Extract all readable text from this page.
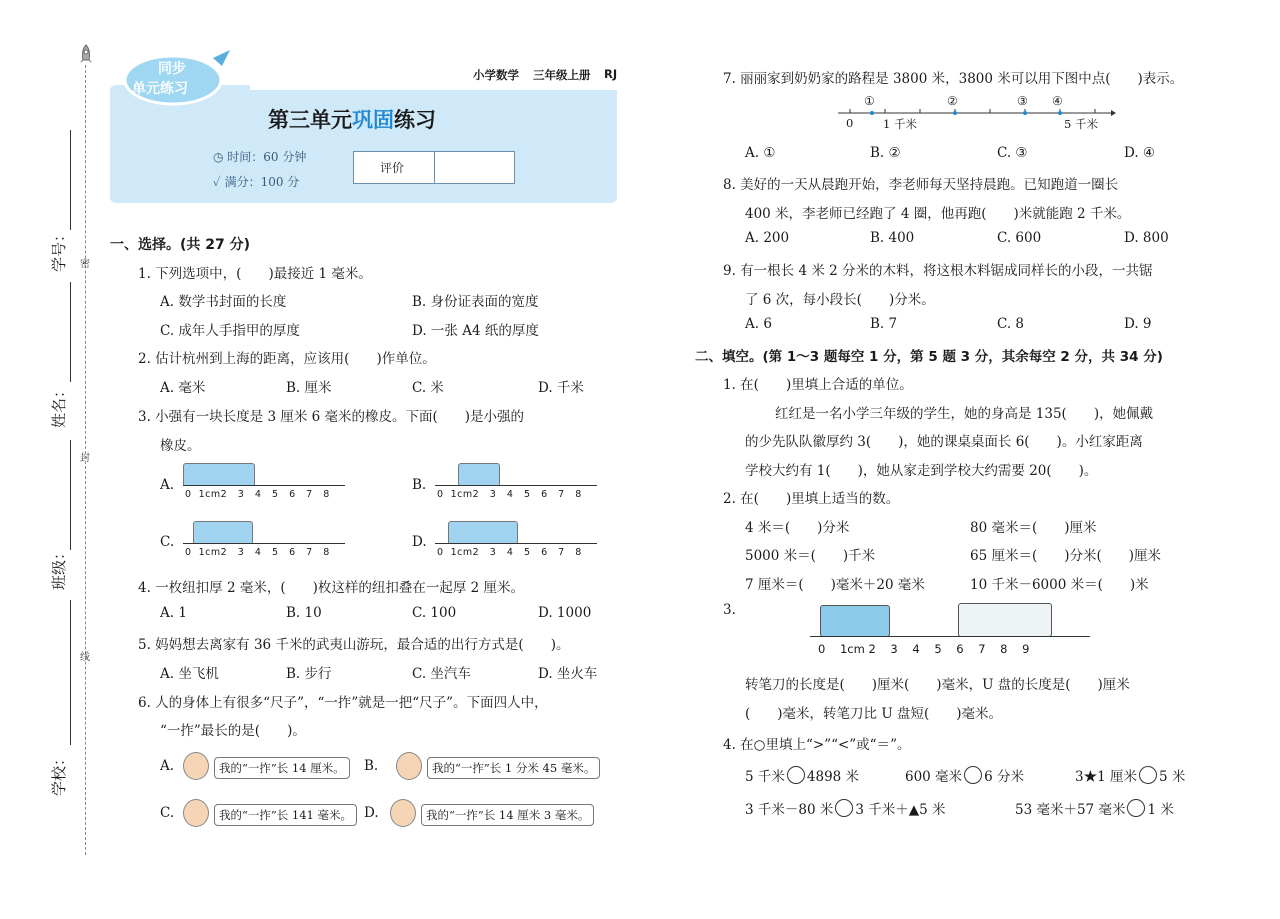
学号：
姓名：
班级：
学校：
密
封
线
同步
单元练习
小学数学 三年级上册 RJ
第三单元巩固练习
◷ 时间：60 分钟
✓ 满分：100 分
评价
一、选择。(共 27 分)
1. 下列选项中，(　　)最接近 1 毫米。
A. 数学书封面的长度	B. 身份证表面的宽度
C. 成年人手指甲的厚度	D. 一张 A4 纸的厚度
2. 估计杭州到上海的距离，应该用(　　)作单位。
A. 毫米	B. 厘米	C. 米	D. 千米
3. 小强有一块长度是 3 厘米 6 毫米的橡皮。下面(　　)是小强的
橡皮。
A.
0 1cm2 3 4 5 6 7 8
B.
0 1cm2 3 4 5 6 7 8
C.
0 1cm2 3 4 5 6 7 8
D.
0 1cm2 3 4 5 6 7 8
4. 一枚纽扣厚 2 毫米，(　　)枚这样的纽扣叠在一起厚 2 厘米。
A. 1	B. 10	C. 100	D. 1000
5. 妈妈想去离家有 36 千米的武夷山游玩，最合适的出行方式是(　　)。
A. 坐飞机	B. 步行	C. 坐汽车	D. 坐火车
6. 人的身体上有很多“尺子”，“一拃”就是一把“尺子”。下面四人中，
“一拃”最长的是(　　)。
A.	我的“一拃”长 14 厘米。	B.	我的“一拃”长 1 分米 45 毫米。
C.	我的“一拃”长 141 毫米。 D.	我的“一拃”长 14 厘米 3 毫米。
7. 丽丽家到奶奶家的路程是 3800 米，3800 米可以用下图中点(　　)表示。
①	②	③ ④
0	1 千米	5 千米
A. ①	B. ②	C. ③	D. ④
8. 美好的一天从晨跑开始，李老师每天坚持晨跑。已知跑道一圈长
400 米，李老师已经跑了 4 圈，他再跑(　　)米就能跑 2 千米。
A. 200	B. 400	C. 600	D. 800
9. 有一根长 4 米 2 分米的木料，将这根木料锯成同样长的小段，一共锯
了 6 次，每小段长(　　)分米。
A. 6	B. 7	C. 8	D. 9
二、填空。(第 1～3 题每空 1 分，第 5 题 3 分，其余每空 2 分，共 34 分)
1. 在(　　)里填上合适的单位。
红红是一名小学三年级的学生，她的身高是 135(　　)，她佩戴
的少先队队徽厚约 3(　　)，她的课桌桌面长 6(　　)。小红家距离
学校大约有 1(　　)，她从家走到学校大约需要 20(　　)。
2. 在(　　)里填上适当的数。
4 米＝(　　)分米	80 毫米＝(　　)厘米
5000 米＝(　　)千米	65 厘米＝(　　)分米(　　)厘米
7 厘米＝(　　)毫米＋20 毫米	10 千米－6000 米＝(　　)米
3.
0 1cm 2 3 4 5 6 7 8 9
转笔刀的长度是(　　)厘米(　　)毫米，U 盘的长度是(　　)厘米
(　　)毫米，转笔刀比 U 盘短(　　)毫米。
4. 在○里填上“>”“<”或“＝”。
5 千米 4898 米	600 毫米 6 分米	3★1 厘米 5 米
3 千米－80 米 3 千米＋▲5 米	53 毫米＋57 毫米 1 米
